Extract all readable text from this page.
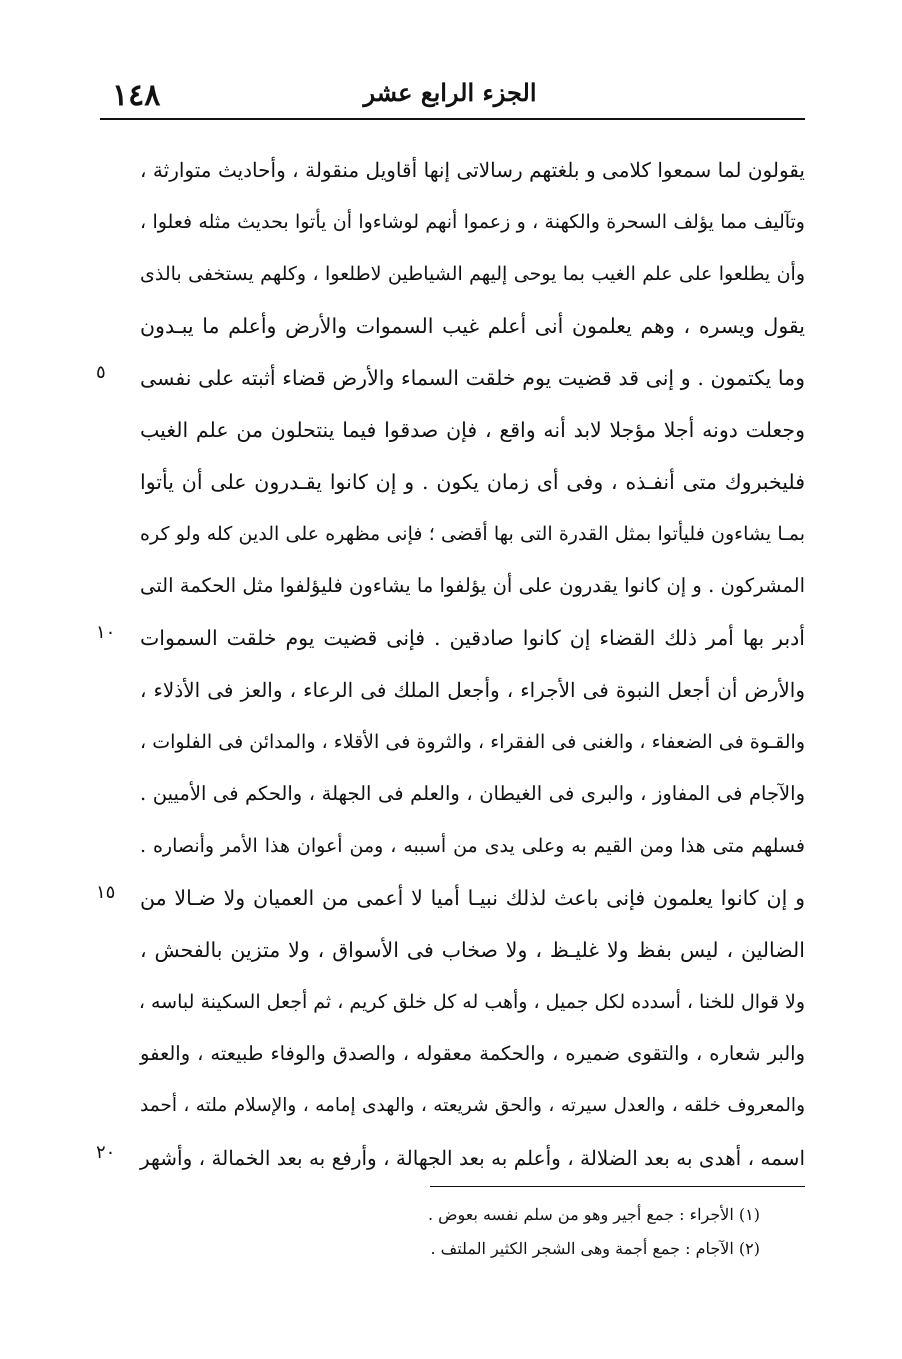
١٤٨	الجزء الرابع عشر
يقولون لما سمعوا كلامى و بلغتهم رسالاتى إنها أقاويل منقولة ، وأحاديث متوارثة ،
وتآليف مما يؤلف السحرة والكهنة ، و زعموا أنهم لوشاءوا أن يأتوا بحديث مثله فعلوا ،
وأن يطلعوا على علم الغيب بما يوحى إليهم الشياطين لاطلعوا ، وكلهم يستخفى بالذى
يقول ويسره ، وهم يعلمون أنى أعلم غيب السموات والأرض وأعلم ما يبـدون
وما يكتمون . و إنى قد قضيت يوم خلقت السماء والأرض قضاء أثبته على نفسى
وجعلت دونه أجلا مؤجلا لابد أنه واقع ، فإن صدقوا فيما ينتحلون من علم الغيب
فليخبروك متى أنفـذه ، وفى أى زمان يكون . و إن كانوا يقـدرون على أن يأتوا
بمـا يشاءون فليأتوا بمثل القدرة التى بها أقضى ؛ فإنى مظهره على الدين كله ولو كره
المشركون . و إن كانوا يقدرون على أن يؤلفوا ما يشاءون فليؤلفوا مثل الحكمة التى
أدبر بها أمر ذلك القضاء إن كانوا صادقين . فإنى قضيت يوم خلقت السموات
والأرض أن أجعل النبوة فى الأجراء ، وأجعل الملك فى الرعاء ، والعز فى الأذلاء ،
والقـوة فى الضعفاء ، والغنى فى الفقراء ، والثروة فى الأقلاء ، والمدائن فى الفلوات ،
والآجام فى المفاوز ، والبرى فى الغيطان ، والعلم فى الجهلة ، والحكم فى الأميين .
فسلهم متى هذا ومن القيم به وعلى يدى من أسببه ، ومن أعوان هذا الأمر وأنصاره .
و إن كانوا يعلمون فإنى باعث لذلك نبيـا أميا لا أعمى من العميان ولا ضـالا من
الضالين ، ليس بفظ ولا غليـظ ، ولا صخاب فى الأسواق ، ولا متزين بالفحش ،
ولا قوال للخنا ، أسدده لكل جميل ، وأهب له كل خلق كريم ، ثم أجعل السكينة لباسه ،
والبر شعاره ، والتقوى ضميره ، والحكمة معقوله ، والصدق والوفاء طبيعته ، والعفو
والمعروف خلقه ، والعدل سيرته ، والحق شريعته ، والهدى إمامه ، والإسلام ملته ، أحمد
اسمه ، أهدى به بعد الضلالة ، وأعلم به بعد الجهالة ، وأرفع به بعد الخمالة ، وأشهر
٥
١٠
١٥
٢٠
(١) الأجراء : جمع أجير وهو من سلم نفسه بعوض .
(٢) الآجام : جمع أجمة وهى الشجر الكثير الملتف .
